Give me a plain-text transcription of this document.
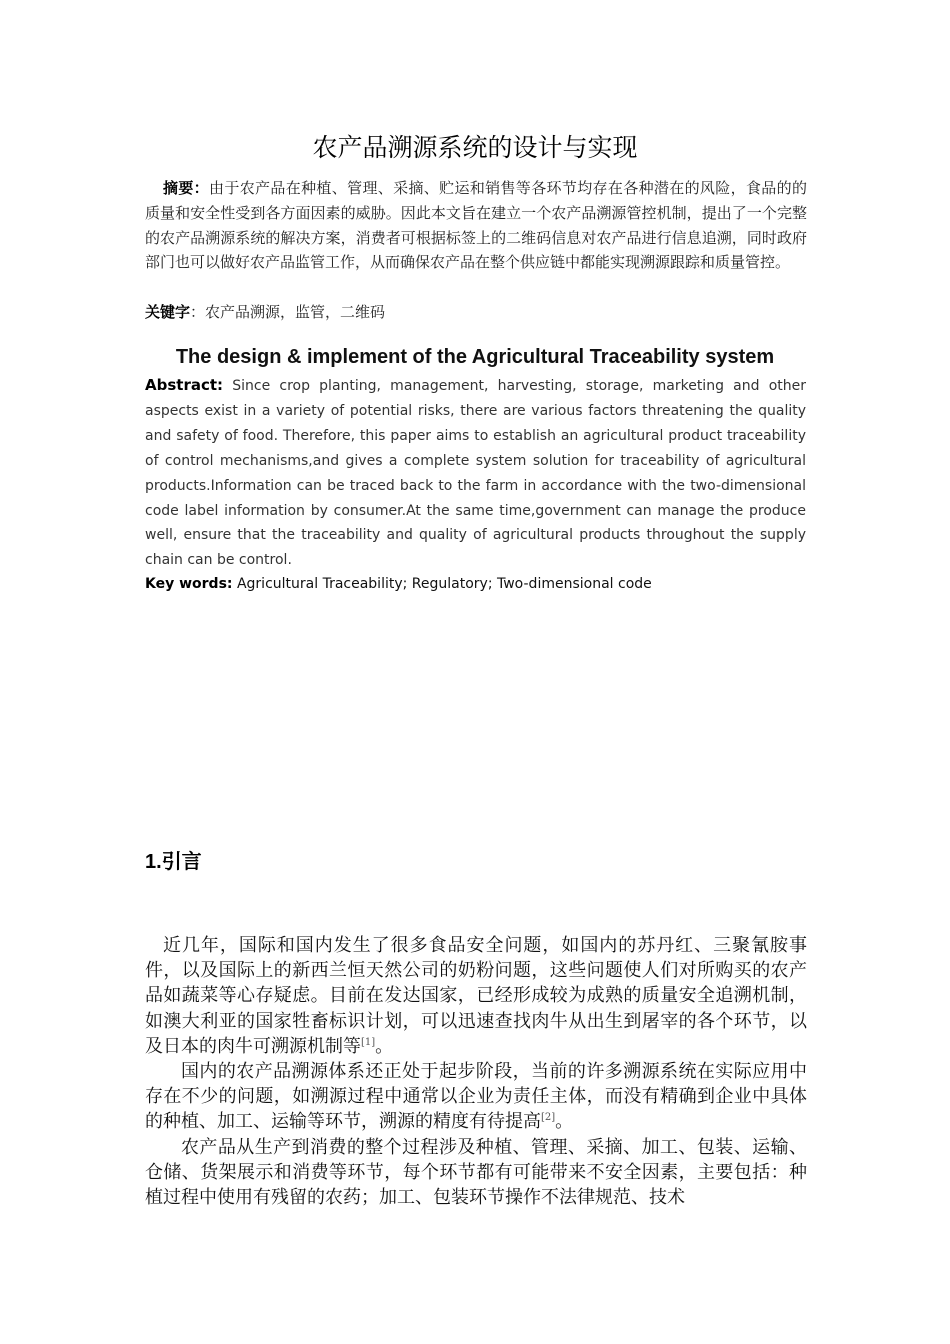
农产品溯源系统的设计与实现

摘要：由于农产品在种植、管理、采摘、贮运和销售等各环节均存在各种潜在的风险，食品的的质量和安全性受到各方面因素的威胁。因此本文旨在建立一个农产品溯源管控机制，提出了一个完整的农产品溯源系统的解决方案，消费者可根据标签上的二维码信息对农产品进行信息追溯，同时政府部门也可以做好农产品监管工作，从而确保农产品在整个供应链中都能实现溯源跟踪和质量管控。

关键字：农产品溯源，监管，二维码

The design & implement of the Agricultural Traceability system

Abstract: Since crop planting, management, harvesting, storage, marketing and other aspects exist in a variety of potential risks, there are various factors threatening the quality and safety of food. Therefore, this paper aims to establish an agricultural product traceability of control mechanisms,and gives a complete system solution for traceability of agricultural products.Information can be traced back to the farm in accordance with the two-dimensional code label information by consumer.At the same time,government can manage the produce well, ensure that the traceability and quality of agricultural products throughout the supply chain can be control.

Key words: Agricultural Traceability; Regulatory; Two-dimensional code

1.引言

近几年，国际和国内发生了很多食品安全问题，如国内的苏丹红、三聚氰胺事件，以及国际上的新西兰恒天然公司的奶粉问题，这些问题使人们对所购买的农产品如蔬菜等心存疑虑。目前在发达国家，已经形成较为成熟的质量安全追溯机制，如澳大利亚的国家牲畜标识计划，可以迅速查找肉牛从出生到屠宰的各个环节，以及日本的肉牛可溯源机制等[1]。

国内的农产品溯源体系还正处于起步阶段，当前的许多溯源系统在实际应用中存在不少的问题，如溯源过程中通常以企业为责任主体，而没有精确到企业中具体的种植、加工、运输等环节，溯源的精度有待提高[2]。

农产品从生产到消费的整个过程涉及种植、管理、采摘、加工、包装、运输、仓储、货架展示和消费等环节，每个环节都有可能带来不安全因素，主要包括：种植过程中使用有残留的农药；加工、包装环节操作不法律规范、技术
